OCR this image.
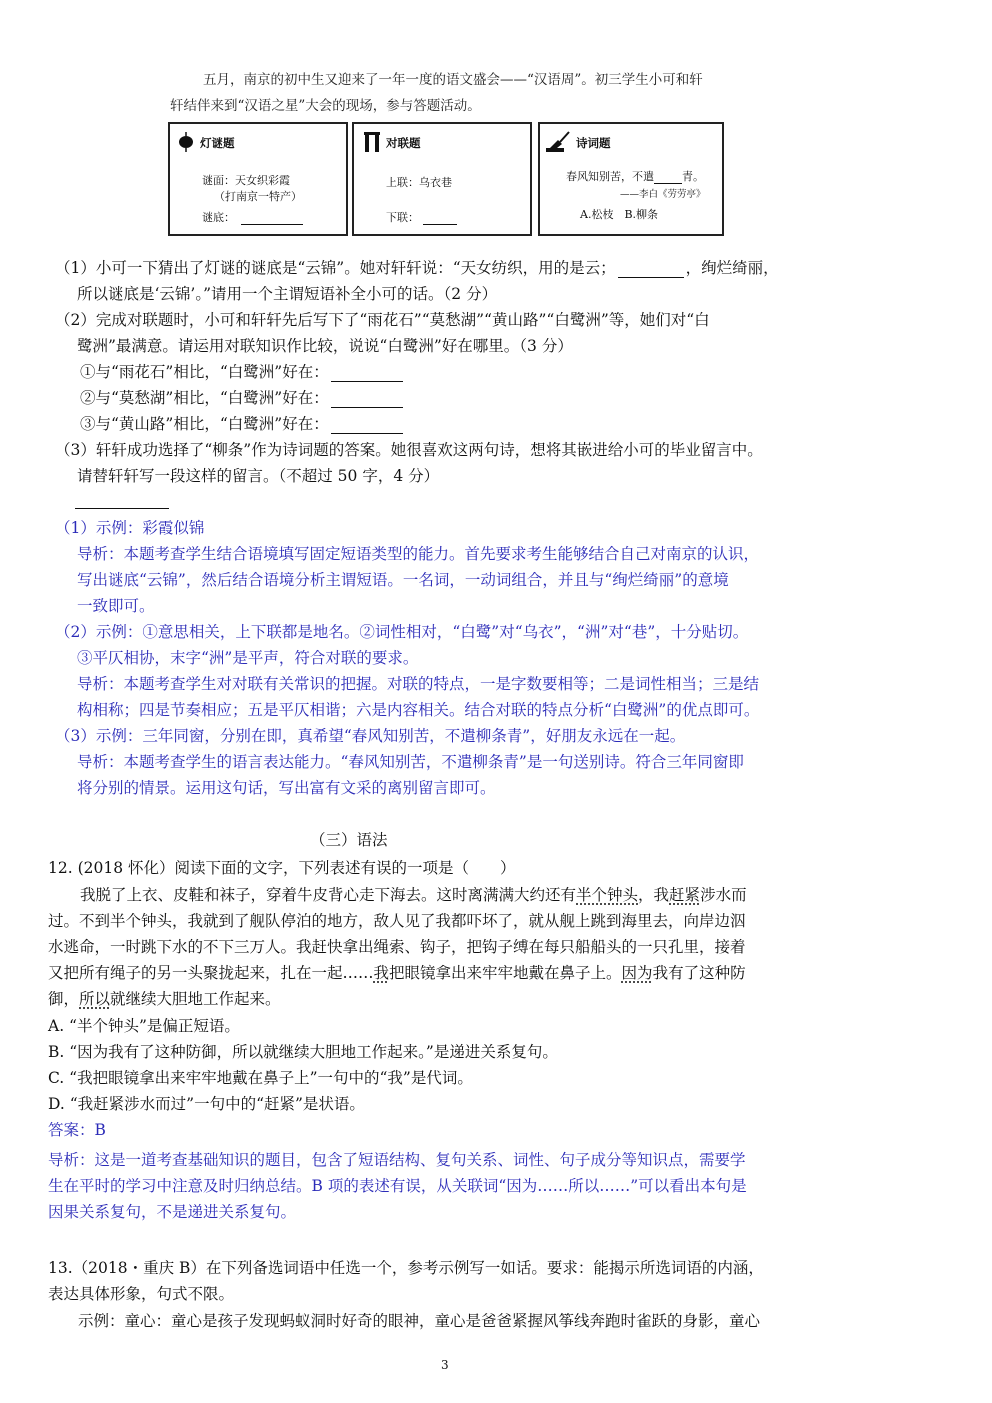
五月，南京的初中生又迎来了一年一度的语文盛会——“汉语周”。初三学生小可和轩
轩结伴来到“汉语之星”大会的现场，参与答题活动。
灯谜题
谜面：天女织彩霞
（打南京一特产）
谜底：
对联题
上联：乌衣巷
下联：
诗词题
春风知别苦，不遣	青。
——李白《劳劳亭》
A.松枝　B.柳条
（1）小可一下猜出了灯谜的谜底是“云锦”。她对轩轩说：“天女纺织，用的是云；	，绚烂绮丽，
所以谜底是‘云锦’。”请用一个主谓短语补全小可的话。（2 分）
（2）完成对联题时，小可和轩轩先后写下了“雨花石”“莫愁湖”“黄山路”“白鹭洲”等，她们对“白
鹭洲”最满意。请运用对联知识作比较，说说“白鹭洲”好在哪里。（3 分）
①与“雨花石”相比，“白鹭洲”好在：
②与“莫愁湖”相比，“白鹭洲”好在：
③与“黄山路”相比，“白鹭洲”好在：
（3）轩轩成功选择了“柳条”作为诗词题的答案。她很喜欢这两句诗，想将其嵌进给小可的毕业留言中。
请替轩轩写一段这样的留言。（不超过 50 字，4 分）
（1）示例：彩霞似锦
导析：本题考查学生结合语境填写固定短语类型的能力。首先要求考生能够结合自己对南京的认识，
写出谜底“云锦”，然后结合语境分析主谓短语。一名词，一动词组合，并且与“绚烂绮丽”的意境
一致即可。
（2）示例：①意思相关，上下联都是地名。②词性相对，“白鹭”对“乌衣”，“洲”对“巷”，十分贴切。
③平仄相协，末字“洲”是平声，符合对联的要求。
导析：本题考查学生对对联有关常识的把握。对联的特点，一是字数要相等；二是词性相当；三是结
构相称；四是节奏相应；五是平仄相谐；六是内容相关。结合对联的特点分析“白鹭洲”的优点即可。
（3）示例：三年同窗，分别在即，真希望“春风知别苦，不遣柳条青”，好朋友永远在一起。
导析：本题考查学生的语言表达能力。“春风知别苦，不遣柳条青”是一句送别诗。符合三年同窗即
将分别的情景。运用这句话，写出富有文采的离别留言即可。
（三）语法
12. (2018 怀化）阅读下面的文字，下列表述有误的一项是（　　）
我脱了上衣、皮鞋和袜子，穿着牛皮背心走下海去。这时离满满大约还有半个钟头，我赶紧涉水而
过。不到半个钟头，我就到了舰队停泊的地方，敌人见了我都吓坏了，就从舰上跳到海里去，向岸边泅
水逃命，一时跳下水的不下三万人。我赶快拿出绳索、钩子，把钩子缚在每只船船头的一只孔里，接着
又把所有绳子的另一头聚拢起来，扎在一起……我把眼镜拿出来牢牢地戴在鼻子上。因为我有了这种防
御，所以就继续大胆地工作起来。
A. “半个钟头”是偏正短语。
B. “因为我有了这种防御，所以就继续大胆地工作起来。”是递进关系复句。
C. “我把眼镜拿出来牢牢地戴在鼻子上”一句中的“我”是代词。
D. “我赶紧涉水而过”一句中的“赶紧”是状语。
答案：B
导析：这是一道考查基础知识的题目，包含了短语结构、复句关系、词性、句子成分等知识点，需要学
生在平时的学习中注意及时归纳总结。B 项的表述有误，从关联词“因为……所以……”可以看出本句是
因果关系复句，不是递进关系复句。
13.（2018・重庆 B）在下列备选词语中任选一个，参考示例写一如话。要求：能揭示所选词语的内涵，
表达具体形象，句式不限。
示例：童心：童心是孩子发现蚂蚁洞时好奇的眼神，童心是爸爸紧握风筝线奔跑时雀跃的身影，童心
3
